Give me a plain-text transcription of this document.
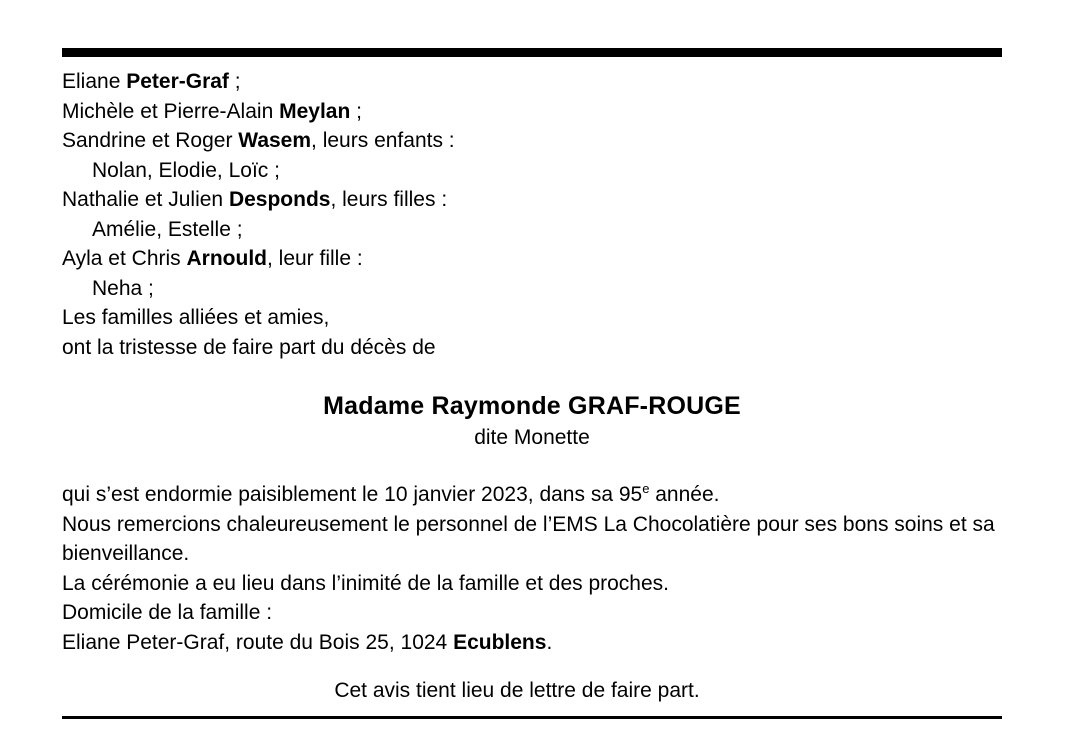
Eliane Peter-Graf ;
Michèle et Pierre-Alain Meylan ;
Sandrine et Roger Wasem, leurs enfants :
Nolan, Elodie, Loïc ;
Nathalie et Julien Desponds, leurs filles :
Amélie, Estelle ;
Ayla et Chris Arnould, leur fille :
Neha ;
Les familles alliées et amies,
ont la tristesse de faire part du décès de
Madame Raymonde GRAF-ROUGE
dite Monette

qui s’est endormie paisiblement le 10 janvier 2023, dans sa 95e année.

Nous remercions chaleureusement le personnel de l’EMS La Chocolatière pour ses bons soins et sa bienveillance.

La cérémonie a eu lieu dans l’inimité de la famille et des proches.

Domicile de la famille :

Eliane Peter-Graf, route du Bois 25, 1024 Ecublens.

Cet avis tient lieu de lettre de faire part.
